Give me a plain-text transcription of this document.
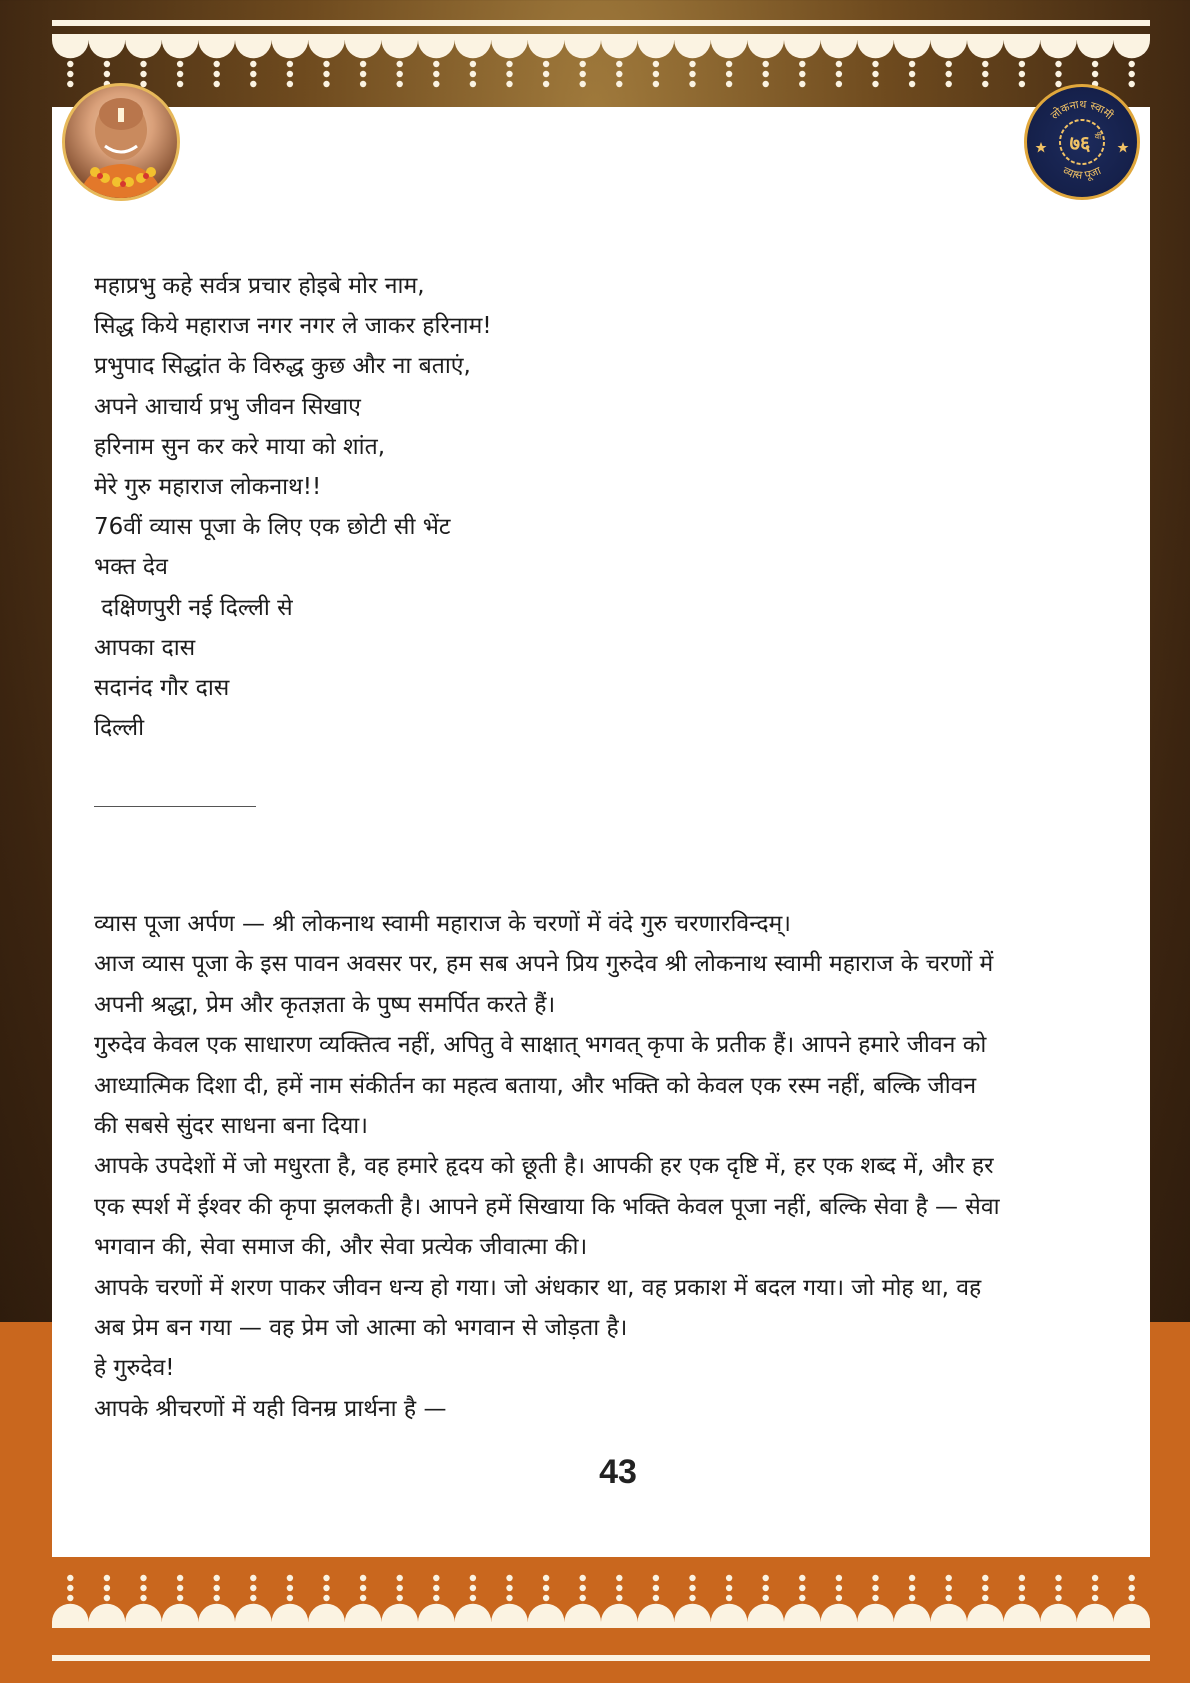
लोकनाथ स्वामी
व्यास पूजा
७६ वीं
महाप्रभु कहे सर्वत्र प्रचार होइबे मोर नाम,
सिद्ध किये महाराज नगर नगर ले जाकर हरिनाम!
प्रभुपाद सिद्धांत के विरुद्ध कुछ और ना बताएं,
अपने आचार्य प्रभु जीवन सिखाए
हरिनाम सुन कर करे माया को शांत,
मेरे गुरु महाराज लोकनाथ!!
76वीं व्यास पूजा के लिए एक छोटी सी भेंट
भक्त देव
दक्षिणपुरी नई दिल्ली से
आपका दास
सदानंद गौर दास
दिल्ली
व्यास पूजा अर्पण — श्री लोकनाथ स्वामी महाराज के चरणों में वंदे गुरु चरणारविन्दम्।
आज व्यास पूजा के इस पावन अवसर पर, हम सब अपने प्रिय गुरुदेव श्री लोकनाथ स्वामी महाराज के चरणों में
अपनी श्रद्धा, प्रेम और कृतज्ञता के पुष्प समर्पित करते हैं।
गुरुदेव केवल एक साधारण व्यक्तित्व नहीं, अपितु वे साक्षात् भगवत् कृपा के प्रतीक हैं। आपने हमारे जीवन को
आध्यात्मिक दिशा दी, हमें नाम संकीर्तन का महत्व बताया, और भक्ति को केवल एक रस्म नहीं, बल्कि जीवन
की सबसे सुंदर साधना बना दिया।
आपके उपदेशों में जो मधुरता है, वह हमारे हृदय को छूती है। आपकी हर एक दृष्टि में, हर एक शब्द में, और हर
एक स्पर्श में ईश्वर की कृपा झलकती है। आपने हमें सिखाया कि भक्ति केवल पूजा नहीं, बल्कि सेवा है — सेवा
भगवान की, सेवा समाज की, और सेवा प्रत्येक जीवात्मा की।
आपके चरणों में शरण पाकर जीवन धन्य हो गया। जो अंधकार था, वह प्रकाश में बदल गया। जो मोह था, वह
अब प्रेम बन गया — वह प्रेम जो आत्मा को भगवान से जोड़ता है।
हे गुरुदेव!
आपके श्रीचरणों में यही विनम्र प्रार्थना है —
43
